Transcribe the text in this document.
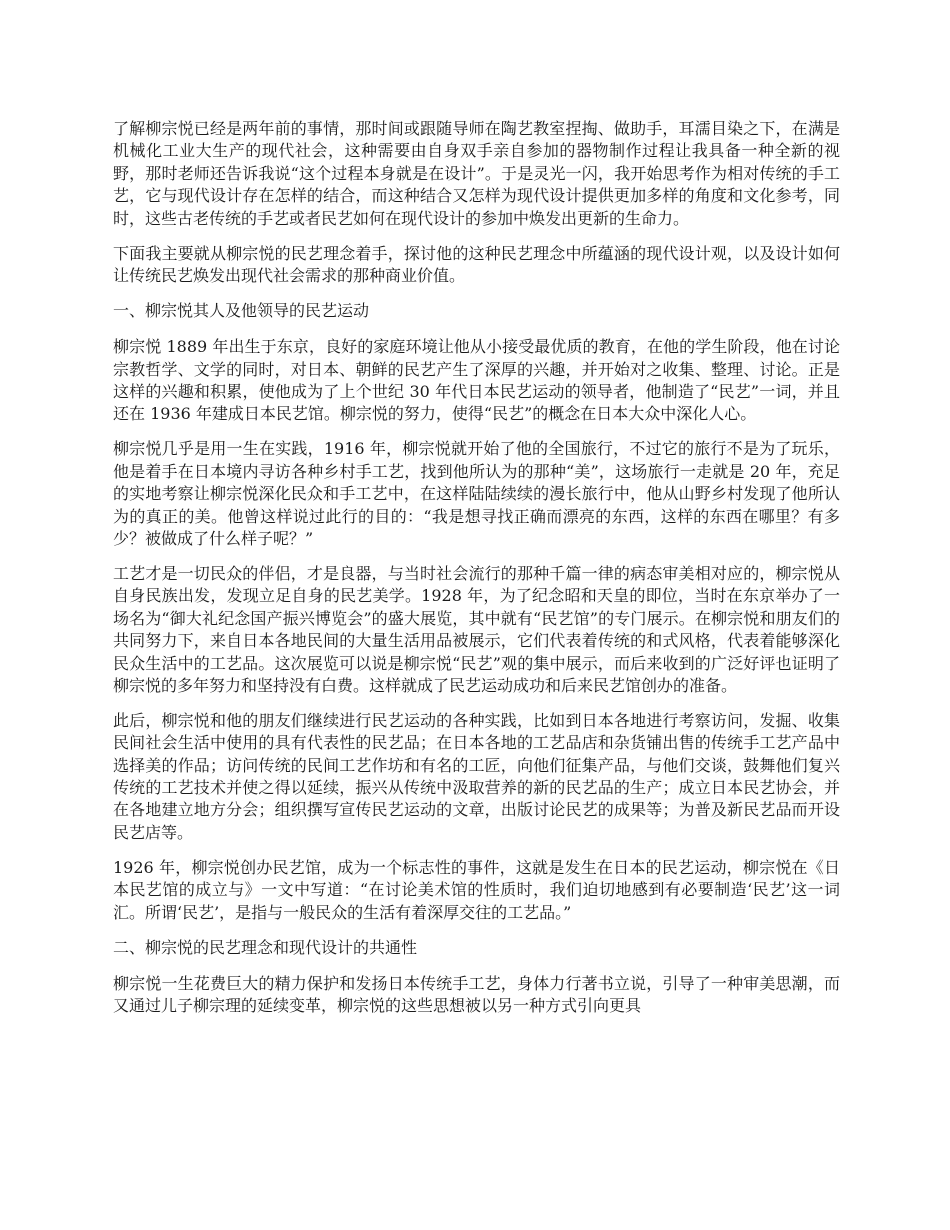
了解柳宗悦已经是两年前的事情，那时间或跟随导师在陶艺教室捏掏、做助手，耳濡目染之下，在满是机械化工业大生产的现代社会，这种需要由自身双手亲自参加的器物制作过程让我具备一种全新的视野，那时老师还告诉我说“这个过程本身就是在设计”。于是灵光一闪，我开始思考作为相对传统的手工艺，它与现代设计存在怎样的结合，而这种结合又怎样为现代设计提供更加多样的角度和文化参考，同时，这些古老传统的手艺或者民艺如何在现代设计的参加中焕发出更新的生命力。

下面我主要就从柳宗悦的民艺理念着手，探讨他的这种民艺理念中所蕴涵的现代设计观，以及设计如何让传统民艺焕发出现代社会需求的那种商业价值。

一、柳宗悦其人及他领导的民艺运动

柳宗悦 1889 年出生于东京，良好的家庭环境让他从小接受最优质的教育，在他的学生阶段，他在讨论宗教哲学、文学的同时，对日本、朝鲜的民艺产生了深厚的兴趣，并开始对之收集、整理、讨论。正是这样的兴趣和积累，使他成为了上个世纪 30 年代日本民艺运动的领导者，他制造了“民艺”一词，并且还在 1936 年建成日本民艺馆。柳宗悦的努力，使得“民艺”的概念在日本大众中深化人心。

柳宗悦几乎是用一生在实践，1916 年，柳宗悦就开始了他的全国旅行，不过它的旅行不是为了玩乐，他是着手在日本境内寻访各种乡村手工艺，找到他所认为的那种“美”，这场旅行一走就是 20 年，充足的实地考察让柳宗悦深化民众和手工艺中，在这样陆陆续续的漫长旅行中，他从山野乡村发现了他所认为的真正的美。他曾这样说过此行的目的：“我是想寻找正确而漂亮的东西，这样的东西在哪里？有多少？被做成了什么样子呢？”

工艺才是一切民众的伴侣，才是良器，与当时社会流行的那种千篇一律的病态审美相对应的，柳宗悦从自身民族出发，发现立足自身的民艺美学。1928 年，为了纪念昭和天皇的即位，当时在东京举办了一场名为“御大礼纪念国产振兴博览会”的盛大展览，其中就有“民艺馆”的专门展示。在柳宗悦和朋友们的共同努力下，来自日本各地民间的大量生活用品被展示，它们代表着传统的和式风格，代表着能够深化民众生活中的工艺品。这次展览可以说是柳宗悦“民艺”观的集中展示，而后来收到的广泛好评也证明了柳宗悦的多年努力和坚持没有白费。这样就成了民艺运动成功和后来民艺馆创办的准备。

此后，柳宗悦和他的朋友们继续进行民艺运动的各种实践，比如到日本各地进行考察访问，发掘、收集民间社会生活中使用的具有代表性的民艺品；在日本各地的工艺品店和杂货铺出售的传统手工艺产品中选择美的作品；访问传统的民间工艺作坊和有名的工匠，向他们征集产品，与他们交谈，鼓舞他们复兴传统的工艺技术并使之得以延续，振兴从传统中汲取营养的新的民艺品的生产；成立日本民艺协会，并在各地建立地方分会；组织撰写宣传民艺运动的文章，出版讨论民艺的成果等；为普及新民艺品而开设民艺店等。

1926 年，柳宗悦创办民艺馆，成为一个标志性的事件，这就是发生在日本的民艺运动，柳宗悦在《日本民艺馆的成立与》一文中写道：“在讨论美术馆的性质时，我们迫切地感到有必要制造‘民艺’这一词汇。所谓‘民艺’，是指与一般民众的生活有着深厚交往的工艺品。”

二、柳宗悦的民艺理念和现代设计的共通性

柳宗悦一生花费巨大的精力保护和发扬日本传统手工艺，身体力行著书立说，引导了一种审美思潮，而又通过儿子柳宗理的延续变革，柳宗悦的这些思想被以另一种方式引向更具
